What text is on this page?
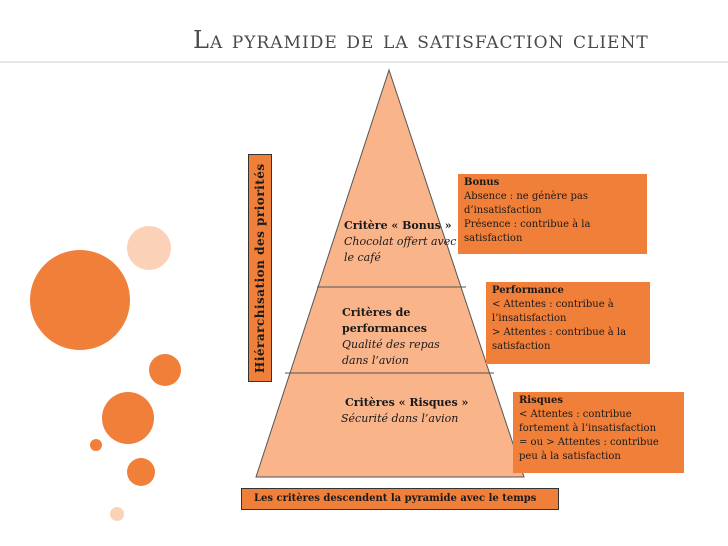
La pyramide de la satisfaction client
Hiérarchisation des priorités	Critère « Bonus »
Chocolat offert avec
le café
Critères de
performances
Qualité des repas
dans l’avion
Critères « Risques »
Sécurité dans l’avion
Bonus
Absence : ne génère pas
d’insatisfaction
Présence : contribue à la
satisfaction
Performance
< Attentes : contribue à
l’insatisfaction
> Attentes : contribue à la
satisfaction
Risques
< Attentes : contribue
fortement à l’insatisfaction
= ou > Attentes : contribue
peu à la satisfaction
Les critères descendent la pyramide avec le temps
